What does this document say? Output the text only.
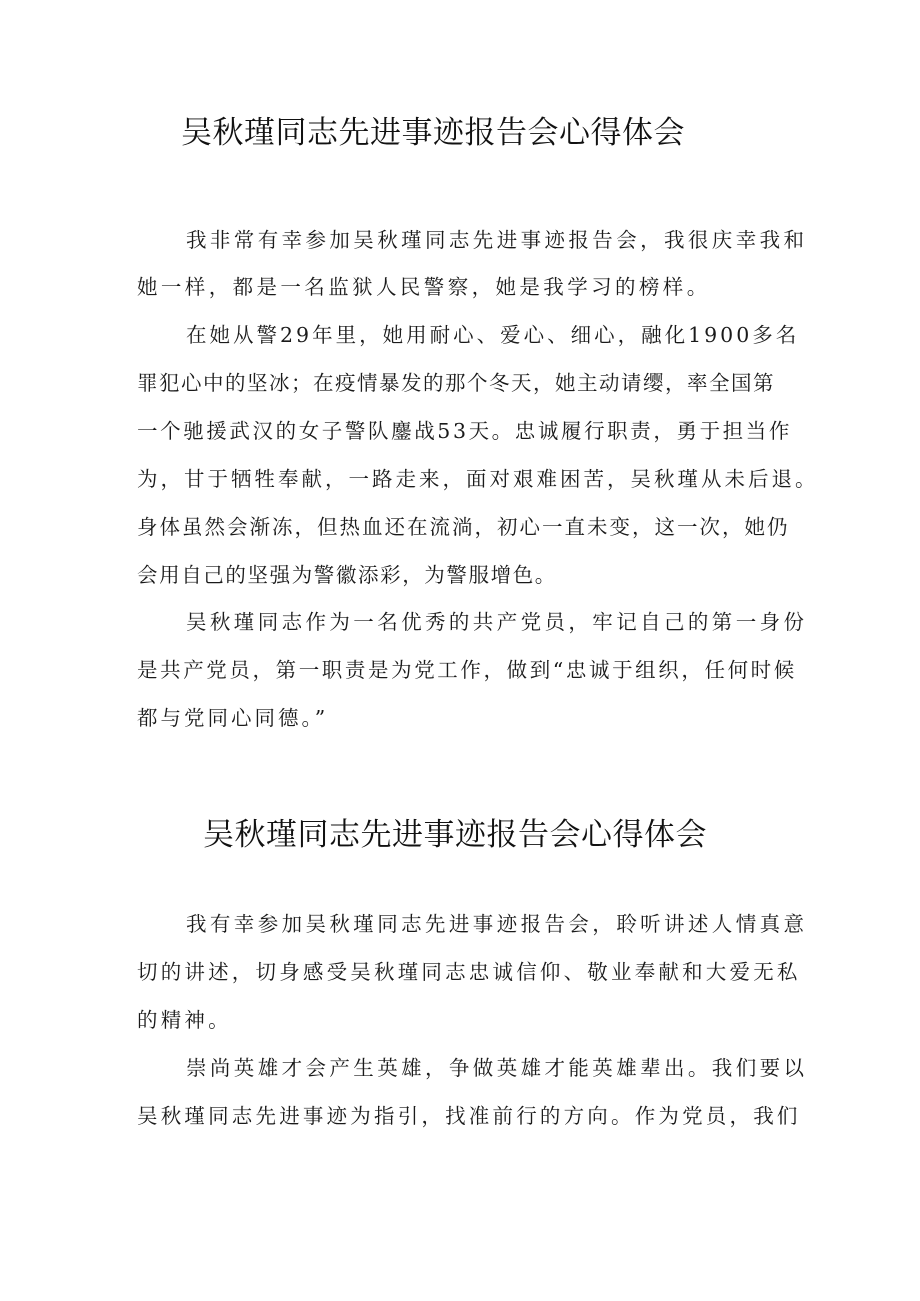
吴秋瑾同志先进事迹报告会心得体会

我非常有幸参加吴秋瑾同志先进事迹报告会，我很庆幸我和

她一样，都是一名监狱人民警察，她是我学习的榜样。

在她从警29年里，她用耐心、爱心、细心，融化1900多名

罪犯心中的坚冰；在疫情暴发的那个冬天，她主动请缨，率全国第

一个驰援武汉的女子警队鏖战53天。忠诚履行职责，勇于担当作

为，甘于牺牲奉献，一路走来，面对艰难困苦，吴秋瑾从未后退。

身体虽然会渐冻，但热血还在流淌，初心一直未变，这一次，她仍

会用自己的坚强为警徽添彩，为警服增色。

吴秋瑾同志作为一名优秀的共产党员，牢记自己的第一身份

是共产党员，第一职责是为党工作，做到“忠诚于组织，任何时候

都与党同心同德。”

吴秋瑾同志先进事迹报告会心得体会

我有幸参加吴秋瑾同志先进事迹报告会，聆听讲述人情真意

切的讲述，切身感受吴秋瑾同志忠诚信仰、敬业奉献和大爱无私

的精神。

崇尚英雄才会产生英雄，争做英雄才能英雄辈出。我们要以

吴秋瑾同志先进事迹为指引，找准前行的方向。作为党员，我们
